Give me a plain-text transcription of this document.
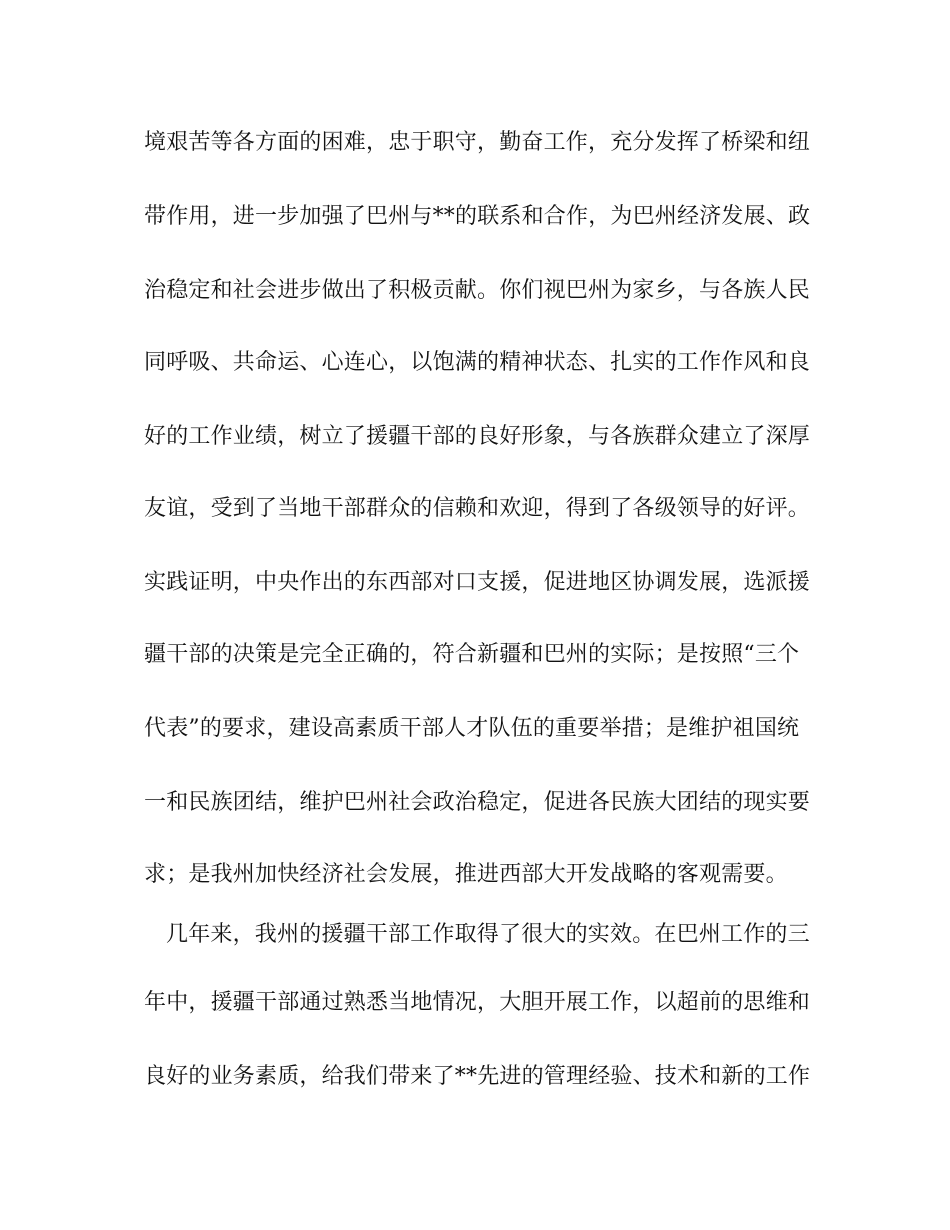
境艰苦等各方面的困难，忠于职守，勤奋工作，充分发挥了桥梁和纽
带作用，进一步加强了巴州与**的联系和合作，为巴州经济发展、政
治稳定和社会进步做出了积极贡献。你们视巴州为家乡，与各族人民
同呼吸、共命运、心连心，以饱满的精神状态、扎实的工作作风和良
好的工作业绩，树立了援疆干部的良好形象，与各族群众建立了深厚
友谊，受到了当地干部群众的信赖和欢迎，得到了各级领导的好评。
实践证明，中央作出的东西部对口支援，促进地区协调发展，选派援
疆干部的决策是完全正确的，符合新疆和巴州的实际；是按照“三个
代表”的要求，建设高素质干部人才队伍的重要举措；是维护祖国统
一和民族团结，维护巴州社会政治稳定，促进各民族大团结的现实要
求；是我州加快经济社会发展，推进西部大开发战略的客观需要。
几年来，我州的援疆干部工作取得了很大的实效。在巴州工作的三
年中，援疆干部通过熟悉当地情况，大胆开展工作，以超前的思维和
良好的业务素质，给我们带来了**先进的管理经验、技术和新的工作
